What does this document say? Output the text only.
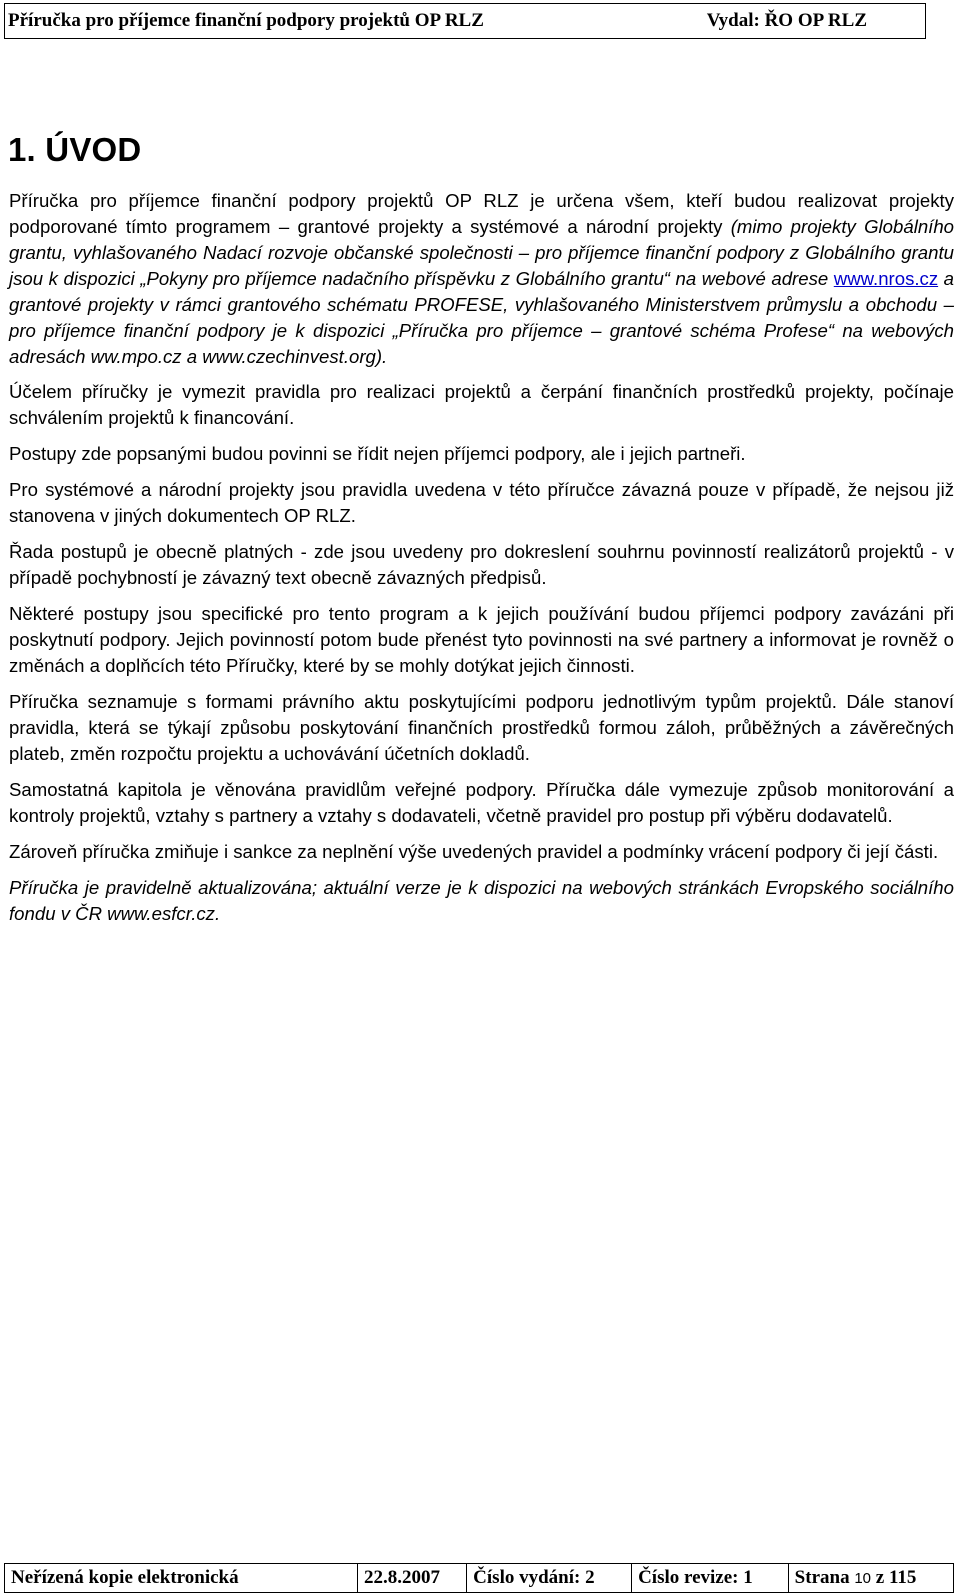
Příručka pro příjemce finanční podpory projektů OP RLZ	Vydal: ŘO OP RLZ
1. ÚVOD

Příručka pro příjemce finanční podpory projektů OP RLZ je určena všem, kteří budou realizovat projekty podporované tímto programem – grantové projekty a systémové a národní projekty (mimo projekty Globálního grantu, vyhlašovaného Nadací rozvoje občanské společnosti – pro příjemce finanční podpory z Globálního grantu jsou k dispozici „Pokyny pro příjemce nadačního příspěvku z Globálního grantu“ na webové adrese www.nros.cz a grantové projekty v rámci grantového schématu PROFESE, vyhlašovaného Ministerstvem průmyslu a obchodu – pro příjemce finanční podpory je k dispozici „Příručka pro příjemce – grantové schéma Profese“ na webových adresách ww.mpo.cz a www.czechinvest.org).

Účelem příručky je vymezit pravidla pro realizaci projektů a čerpání finančních prostředků projekty, počínaje schválením projektů k financování.

Postupy zde popsanými budou povinni se řídit nejen příjemci podpory, ale i jejich partneři.

Pro systémové a národní projekty jsou pravidla uvedena v této příručce závazná pouze v případě, že nejsou již stanovena v jiných dokumentech OP RLZ.

Řada postupů je obecně platných - zde jsou uvedeny pro dokreslení souhrnu povinností realizátorů projektů - v případě pochybností je závazný text obecně závazných předpisů.

Některé postupy jsou specifické pro tento program a k jejich používání budou příjemci podpory zavázáni při poskytnutí podpory. Jejich povinností potom bude přenést tyto povinnosti na své partnery a informovat je rovněž o změnách a doplňcích této Příručky, které by se mohly dotýkat jejich činnosti.

Příručka seznamuje s formami právního aktu poskytujícími podporu jednotlivým typům projektů. Dále stanoví pravidla, která se týkají způsobu poskytování finančních prostředků formou záloh, průběžných a závěrečných plateb, změn rozpočtu projektu a uchovávání účetních dokladů.

Samostatná kapitola je věnována pravidlům veřejné podpory. Příručka dále vymezuje způsob monitorování a kontroly projektů, vztahy s partnery a vztahy s dodavateli, včetně pravidel pro postup při výběru dodavatelů.

Zároveň příručka zmiňuje i sankce za neplnění výše uvedených pravidel a podmínky vrácení podpory či její části.

Příručka je pravidelně aktualizována; aktuální verze je k dispozici na webových stránkách Evropského sociálního fondu v ČR www.esfcr.cz.

Neřízená kopie elektronická	22.8.2007	Číslo vydání: 2	Číslo revize: 1	Strana 10 z 115
